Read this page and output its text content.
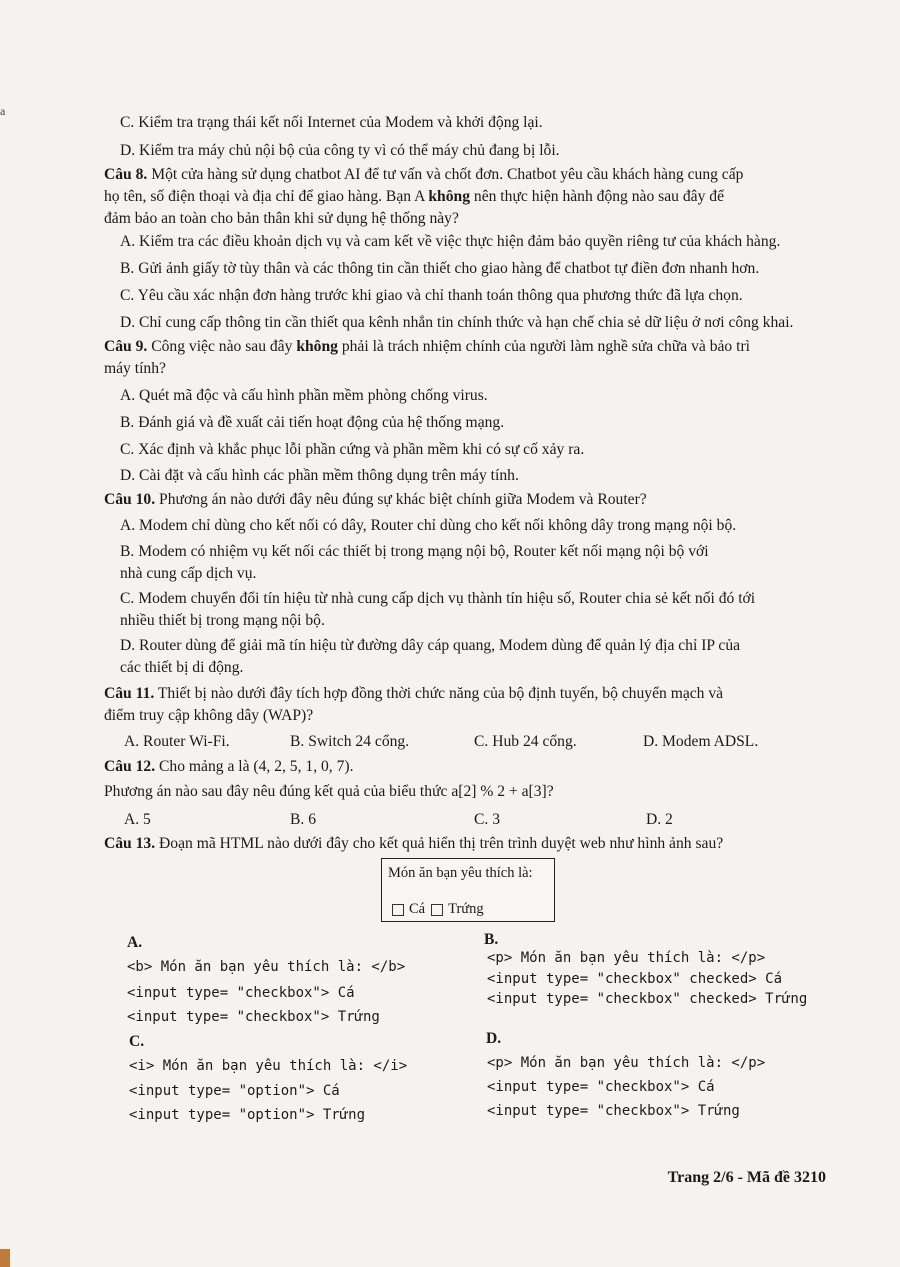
a
C. Kiểm tra trạng thái kết nối Internet của Modem và khởi động lại.
D. Kiểm tra máy chủ nội bộ của công ty vì có thể máy chủ đang bị lỗi.
Câu 8. Một cửa hàng sử dụng chatbot AI để tư vấn và chốt đơn. Chatbot yêu cầu khách hàng cung cấp
họ tên, số điện thoại và địa chỉ để giao hàng. Bạn A không nên thực hiện hành động nào sau đây để
đảm bảo an toàn cho bản thân khi sử dụng hệ thống này?
A. Kiểm tra các điều khoản dịch vụ và cam kết về việc thực hiện đảm bảo quyền riêng tư của khách hàng.
B. Gửi ảnh giấy tờ tùy thân và các thông tin cần thiết cho giao hàng để chatbot tự điền đơn nhanh hơn.
C. Yêu cầu xác nhận đơn hàng trước khi giao và chỉ thanh toán thông qua phương thức đã lựa chọn.
D. Chỉ cung cấp thông tin cần thiết qua kênh nhắn tin chính thức và hạn chế chia sẻ dữ liệu ở nơi công khai.
Câu 9. Công việc nào sau đây không phải là trách nhiệm chính của người làm nghề sửa chữa và bảo trì
máy tính?
A. Quét mã độc và cấu hình phần mềm phòng chống virus.
B. Đánh giá và đề xuất cải tiến hoạt động của hệ thống mạng.
C. Xác định và khắc phục lỗi phần cứng và phần mềm khi có sự cố xảy ra.
D. Cài đặt và cấu hình các phần mềm thông dụng trên máy tính.
Câu 10. Phương án nào dưới đây nêu đúng sự khác biệt chính giữa Modem và Router?
A. Modem chỉ dùng cho kết nối có dây, Router chỉ dùng cho kết nối không dây trong mạng nội bộ.
B. Modem có nhiệm vụ kết nối các thiết bị trong mạng nội bộ, Router kết nối mạng nội bộ với
nhà cung cấp dịch vụ.
C. Modem chuyển đổi tín hiệu từ nhà cung cấp dịch vụ thành tín hiệu số, Router chia sẻ kết nối đó tới
nhiều thiết bị trong mạng nội bộ.
D. Router dùng để giải mã tín hiệu từ đường dây cáp quang, Modem dùng để quản lý địa chỉ IP của
các thiết bị di động.
Câu 11. Thiết bị nào dưới đây tích hợp đồng thời chức năng của bộ định tuyến, bộ chuyển mạch và
điểm truy cập không dây (WAP)?
A. Router Wi-Fi.	B. Switch 24 cổng.	C. Hub 24 cổng.	D. Modem ADSL.
Câu 12. Cho mảng a là (4, 2, 5, 1, 0, 7).
Phương án nào sau đây nêu đúng kết quả của biểu thức a[2] % 2 + a[3]?
A. 5	B. 6	C. 3	D. 2
Câu 13. Đoạn mã HTML nào dưới đây cho kết quả hiển thị trên trình duyệt web như hình ảnh sau?
Món ăn bạn yêu thích là:
Cá Trứng
A.
<b> Món ăn bạn yêu thích là: </b>
<input type= "checkbox"> Cá
<input type= "checkbox"> Trứng
B.
<p> Món ăn bạn yêu thích là: </p>
<input type= "checkbox" checked> Cá
<input type= "checkbox" checked> Trứng
C.
<i> Món ăn bạn yêu thích là: </i>
<input type= "option"> Cá
<input type= "option"> Trứng
D.
<p> Món ăn bạn yêu thích là: </p>
<input type= "checkbox"> Cá
<input type= "checkbox"> Trứng
Trang 2/6 - Mã đề 3210
